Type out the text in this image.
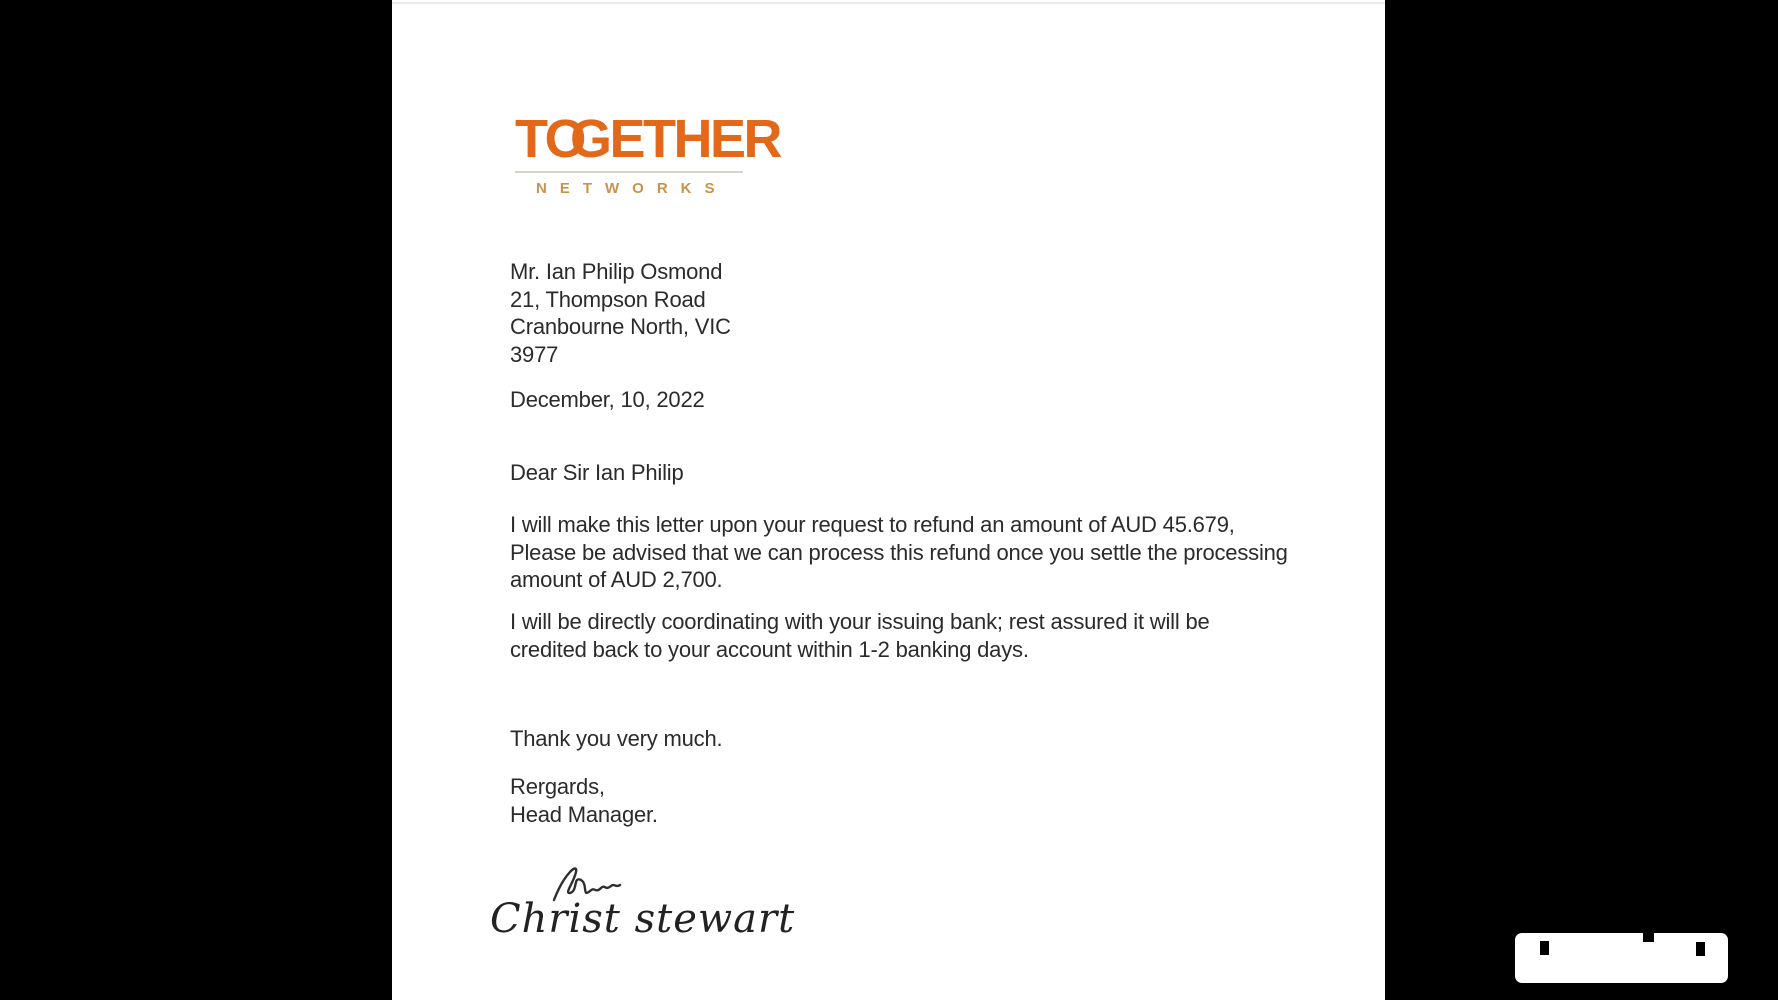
TOGETHER
NETWORKS
Mr. Ian Philip Osmond
21, Thompson Road
Cranbourne North, VIC
3977
December, 10, 2022
Dear Sir Ian Philip
I will make this letter upon your request to refund an amount of AUD 45.679,
Please be advised that we can process this refund once you settle the processing
amount of AUD 2,700.
I will be directly coordinating with your issuing bank; rest assured it will be
credited back to your account within 1-2 banking days.
Thank you very much.
Rergards,
Head Manager.
Christ stewart
